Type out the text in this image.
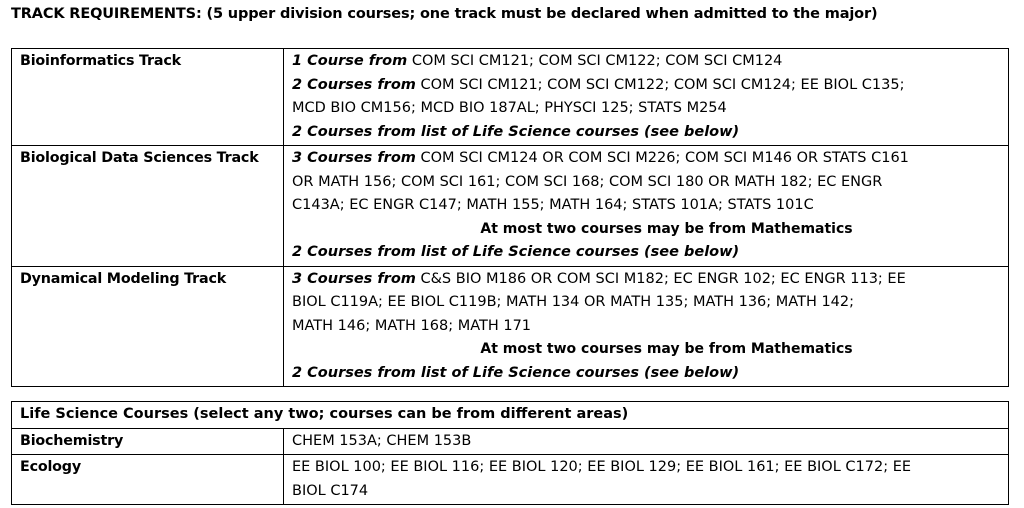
TRACK REQUIREMENTS: (5 upper division courses; one track must be declared when admitted to the major)
Bioinformatics Track	1 Course from COM SCI CM121; COM SCI CM122; COM SCI CM124
2 Courses from COM SCI CM121; COM SCI CM122; COM SCI CM124; EE BIOL C135;
MCD BIO CM156; MCD BIO 187AL; PHYSCI 125; STATS M254
2 Courses from list of Life Science courses (see below)

Biological Data Sciences Track	3 Courses from COM SCI CM124 OR COM SCI M226; COM SCI M146 OR STATS C161
OR MATH 156; COM SCI 161; COM SCI 168; COM SCI 180 OR MATH 182; EC ENGR
C143A; EC ENGR C147; MATH 155; MATH 164; STATS 101A; STATS 101C
At most two courses may be from Mathematics
2 Courses from list of Life Science courses (see below)

Dynamical Modeling Track	3 Courses from C&S BIO M186 OR COM SCI M182; EC ENGR 102; EC ENGR 113; EE
BIOL C119A; EE BIOL C119B; MATH 134 OR MATH 135; MATH 136; MATH 142;
MATH 146; MATH 168; MATH 171
At most two courses may be from Mathematics
2 Courses from list of Life Science courses (see below)
Life Science Courses (select any two; courses can be from different areas)	
Biochemistry	CHEM 153A; CHEM 153B

Ecology	EE BIOL 100; EE BIOL 116; EE BIOL 120; EE BIOL 129; EE BIOL 161; EE BIOL C172; EE
BIOL C174
